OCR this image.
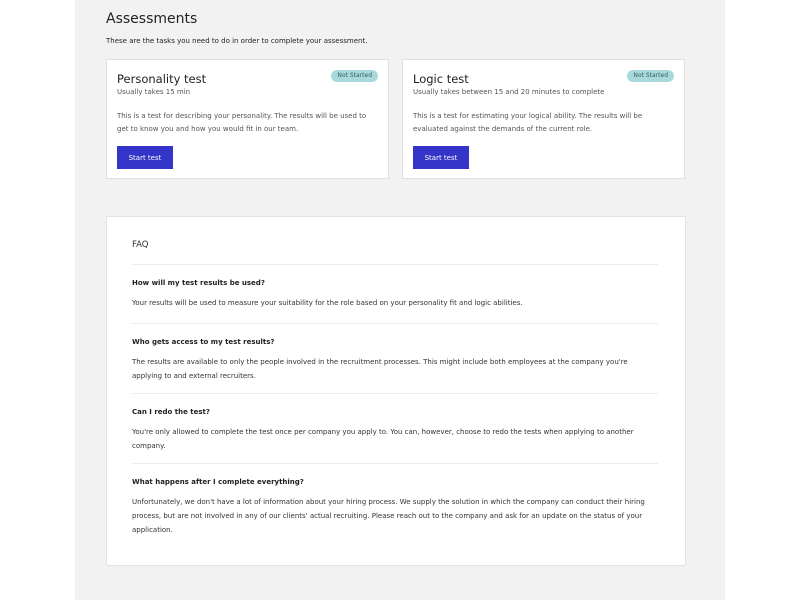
Assessments

These are the tasks you need to do in order to complete your assessment.

Personality test	Not Started
Usually takes 15 min
This is a test for describing your personality. The results will be used to get to know you and how you would fit in our team.
Start test
Logic test	Not Started
Usually takes between 15 and 20 minutes to complete
This is a test for estimating your logical ability. The results will be evaluated against the demands of the current role.
Start test
FAQ
How will my test results be used?
Your results will be used to measure your suitability for the role based on your personality fit and logic abilities.
Who gets access to my test results?
The results are available to only the people involved in the recruitment processes. This might include both employees at the company you're applying to and external recruiters.
Can I redo the test?
You're only allowed to complete the test once per company you apply to. You can, however, choose to redo the tests when applying to another company.
What happens after I complete everything?
Unfortunately, we don't have a lot of information about your hiring process. We supply the solution in which the company can conduct their hiring process, but are not involved in any of our clients' actual recruiting. Please reach out to the company and ask for an update on the status of your application.
